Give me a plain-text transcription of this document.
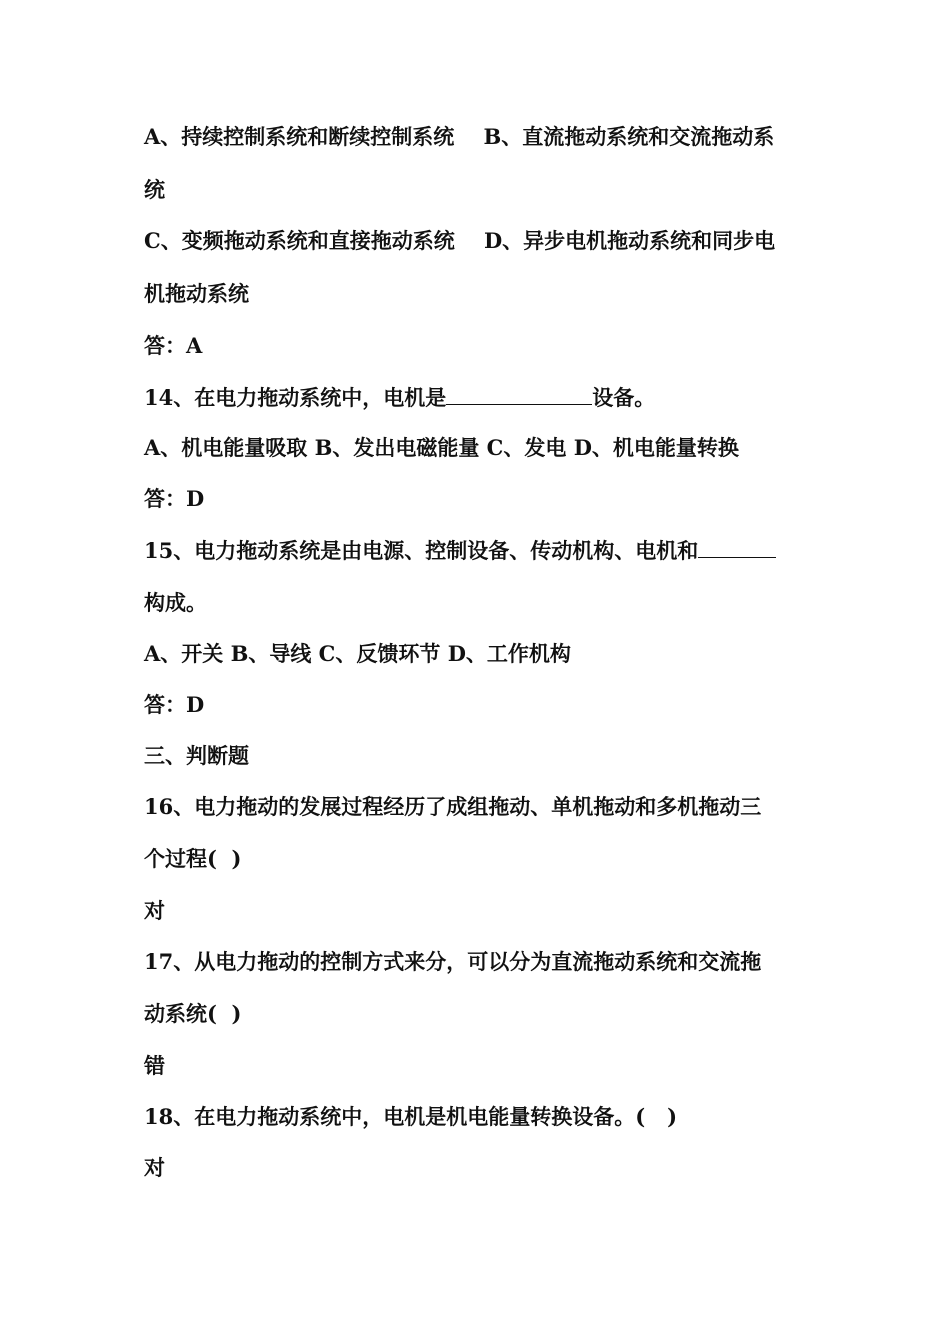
A、持续控制系统和断续控制系统    B、直流拖动系统和交流拖动系
统
C、变频拖动系统和直接拖动系统    D、异步电机拖动系统和同步电
机拖动系统
答：A
14、在电力拖动系统中，电机是	设备。
A、机电能量吸取 B、发出电磁能量 C、发电 D、机电能量转换
答：D
15、电力拖动系统是由电源、控制设备、传动机构、电机和
构成。
A、开关 B、导线 C、反馈环节 D、工作机构
答：D
三、判断题
16、电力拖动的发展过程经历了成组拖动、单机拖动和多机拖动三
个过程(  )
对
17、从电力拖动的控制方式来分，可以分为直流拖动系统和交流拖
动系统(  )
错
18、在电力拖动系统中，电机是机电能量转换设备。(   )
对
